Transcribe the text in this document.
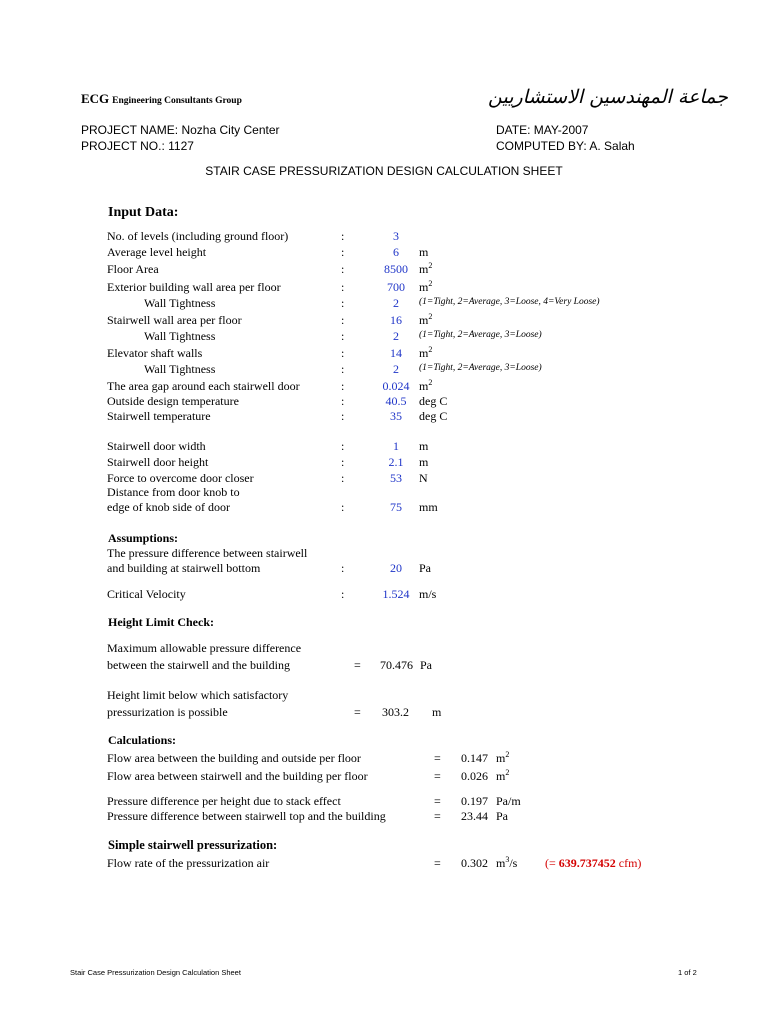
ECG Engineering Consultants Group	جماعة المهندسين الاستشاريين
PROJECT NAME: Nozha City Center
PROJECT NO.: 1127
DATE: MAY-2007
COMPUTED BY: A. Salah
STAIR CASE PRESSURIZATION DESIGN CALCULATION SHEET
Input Data:
No. of levels (including ground floor)	:	3
Average level height	:	6	m
Floor Area	:	8500 $m^2$
Exterior building wall area per floor	:	700	$m^2$
Wall Tightness	:	2	(1=Tight, 2=Average, 3=Loose, 4=Very Loose)
Stairwell wall area per floor	:	16	$m^2$
Wall Tightness	:	2	(1=Tight, 2=Average, 3=Loose)
Elevator shaft walls	:	14	$m^2$
Wall Tightness	:	2	(1=Tight, 2=Average, 3=Loose)
The area gap around each stairwell door	:	0.024 $m^2$
Outside design temperature	:	40.5	deg C
Stairwell temperature	:	35	deg C
Stairwell door width	:	1	m
Stairwell door height	:	2.1	m
Force to overcome door closer	:	53	N
Distance from door knob to
edge of knob side of door	:	75	mm
Assumptions:
The pressure difference between stairwell
and building at stairwell bottom	:	20	Pa
Critical Velocity	:	1.524 m/s
Height Limit Check:
Maximum allowable pressure difference
between the stairwell and the building	= 70.476 Pa
Height limit below which satisfactory
pressurization is possible	= 303.2 m
Calculations:
Flow area between the building and outside per floor	= 0.147 $m^2$
Flow area between stairwell and the building per floor	= 0.026 $m^2$
Pressure difference per height due to stack effect	= 0.197 Pa/m
Pressure difference between stairwell top and the building	= 23.44 Pa
Simple stairwell pressurization:
Flow rate of the pressurization air	= 0.302 $m^3/s$ (= 639.737452 cfm)
Stair Case Pressurization Design Calculation Sheet	1 of 2
